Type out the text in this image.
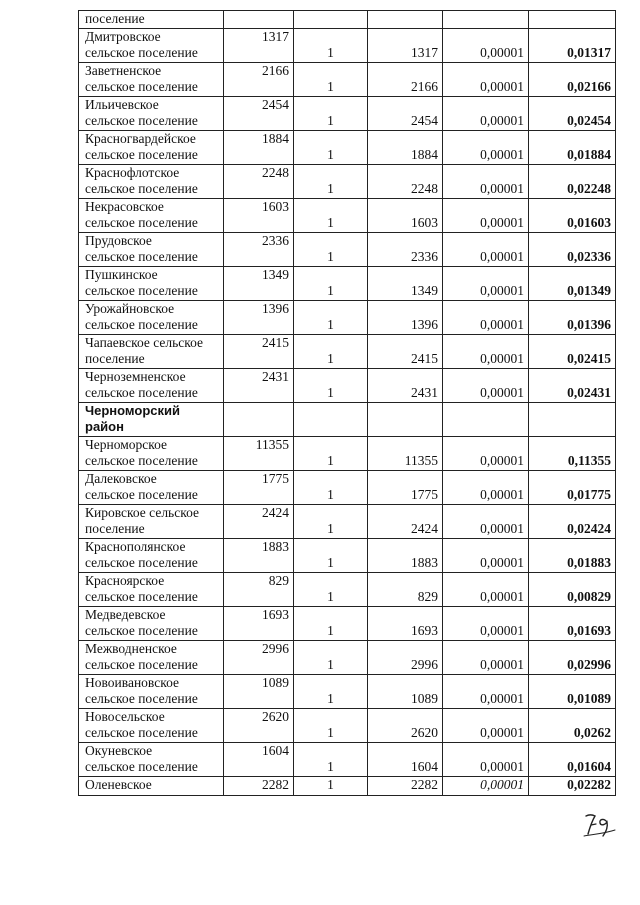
поселение					

Дмитровское
сельское поселение	1317	1	1317	0,00001	0,01317

Заветненское
сельское поселение	2166	1	2166	0,00001	0,02166

Ильичевское
сельское поселение	2454	1	2454	0,00001	0,02454

Красногвардейское
сельское поселение	1884	1	1884	0,00001	0,01884

Краснофлотское
сельское поселение	2248	1	2248	0,00001	0,02248

Некрасовское
сельское поселение	1603	1	1603	0,00001	0,01603

Прудовское
сельское поселение	2336	1	2336	0,00001	0,02336

Пушкинское
сельское поселение	1349	1	1349	0,00001	0,01349

Урожайновское
сельское поселение	1396	1	1396	0,00001	0,01396

Чапаевское сельское
поселение	2415	1	2415	0,00001	0,02415

Черноземненское
сельское поселение	2431	1	2431	0,00001	0,02431

Черноморский
район					

Черноморское
сельское поселение	11355	1	11355	0,00001	0,11355

Далековское
сельское поселение	1775	1	1775	0,00001	0,01775

Кировское сельское
поселение	2424	1	2424	0,00001	0,02424

Краснополянское
сельское поселение	1883	1	1883	0,00001	0,01883

Красноярское
сельское поселение	829	1	829	0,00001	0,00829

Медведевское
сельское поселение	1693	1	1693	0,00001	0,01693

Межводненское
сельское поселение	2996	1	2996	0,00001	0,02996

Новоивановское
сельское поселение	1089	1	1089	0,00001	0,01089

Новосельское
сельское поселение	2620	1	2620	0,00001	0,0262

Окуневское
сельское поселение	1604	1	1604	0,00001	0,01604

Оленевское	2282	1	2282	0,00001	0,02282
